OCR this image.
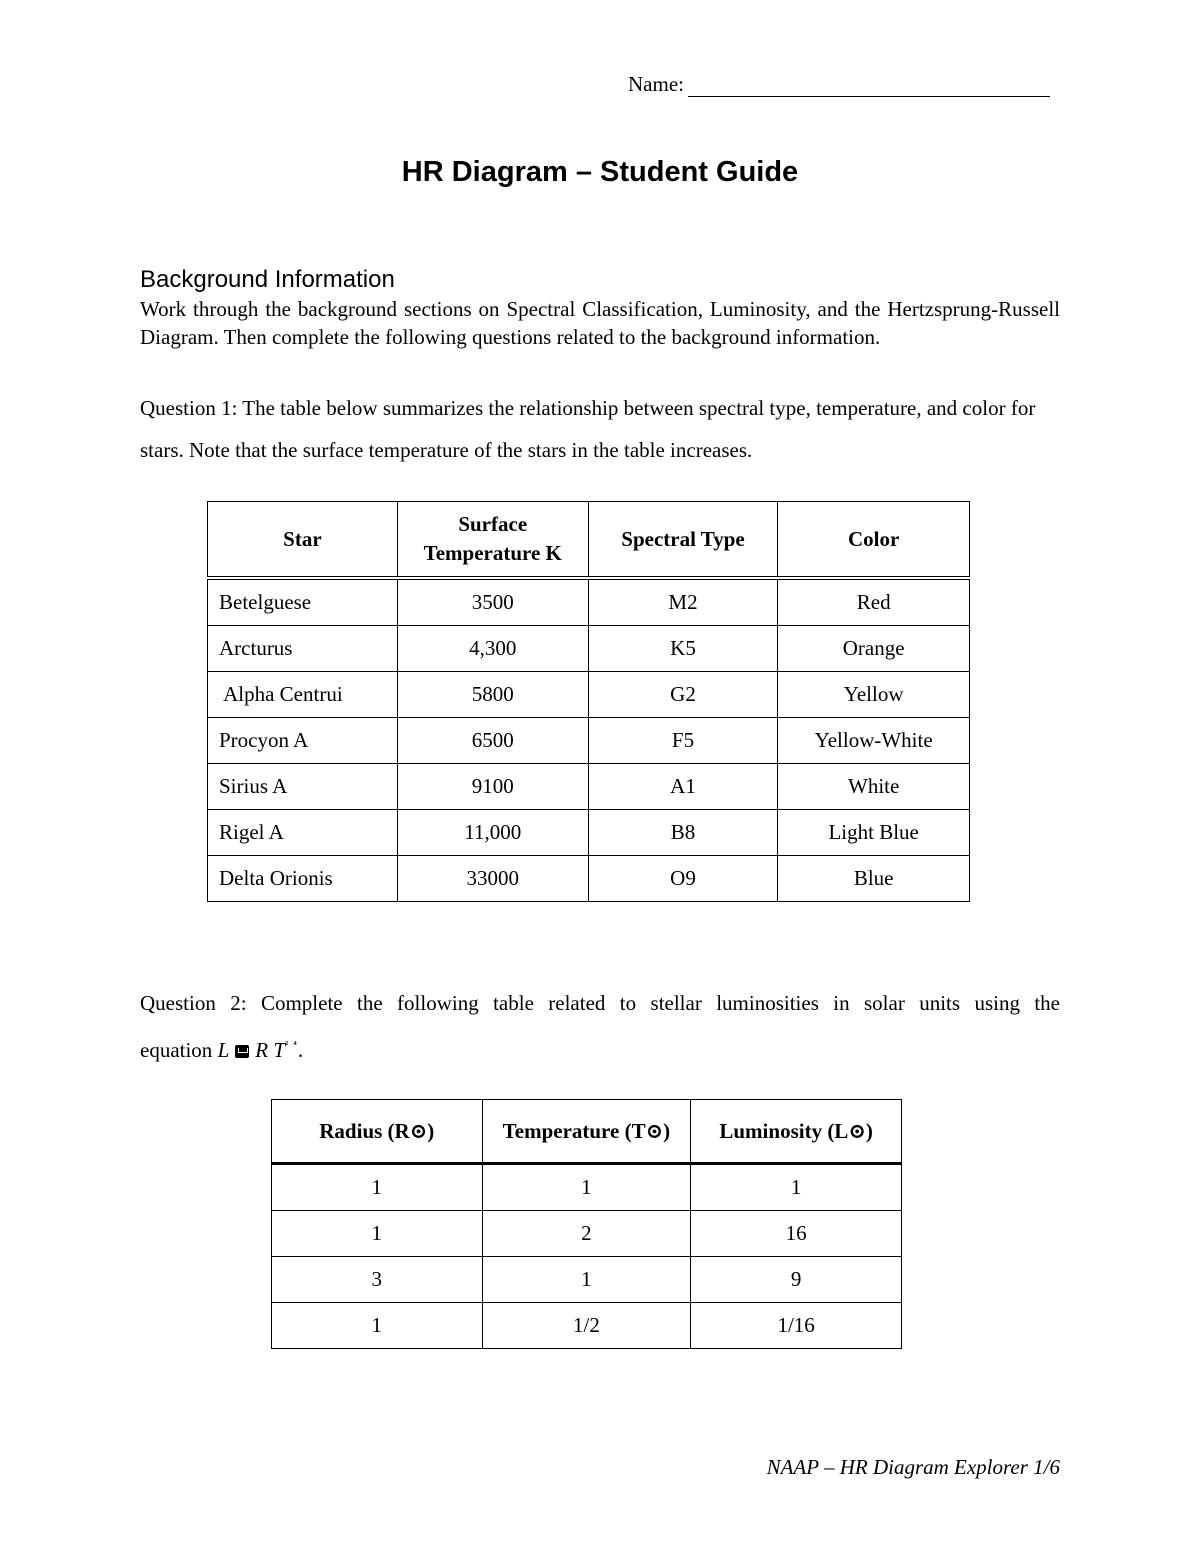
Name:
HR Diagram – Student Guide
Background Information
Work through the background sections on Spectral Classification, Luminosity, and the Hertzsprung-Russell Diagram. Then complete the following questions related to the background information.
Question 1: The table below summarizes the relationship between spectral type, temperature, and color for stars. Note that the surface temperature of the stars in the table increases.
Star	Surface Temperature K	Spectral Type	Color
Betelguese	3500	M2	Red
Arcturus	4,300	K5	Orange
Alpha Centrui	5800	G2	Yellow
Procyon A	6500	F5	Yellow-White
Sirius A	9100	A1	White
Rigel A	11,000	B8	Light Blue
Delta Orionis	33000	O9	Blue
Question 2: Complete the following table related to stellar luminosities in solar units using the
equation L R $T^{^2 ^4}$.
Radius (R⊙)	Temperature (T⊙)	Luminosity (L⊙)
1	1	1
1	2	16
3	1	9
1	1/2	1/16
NAAP – HR Diagram Explorer 1/6
